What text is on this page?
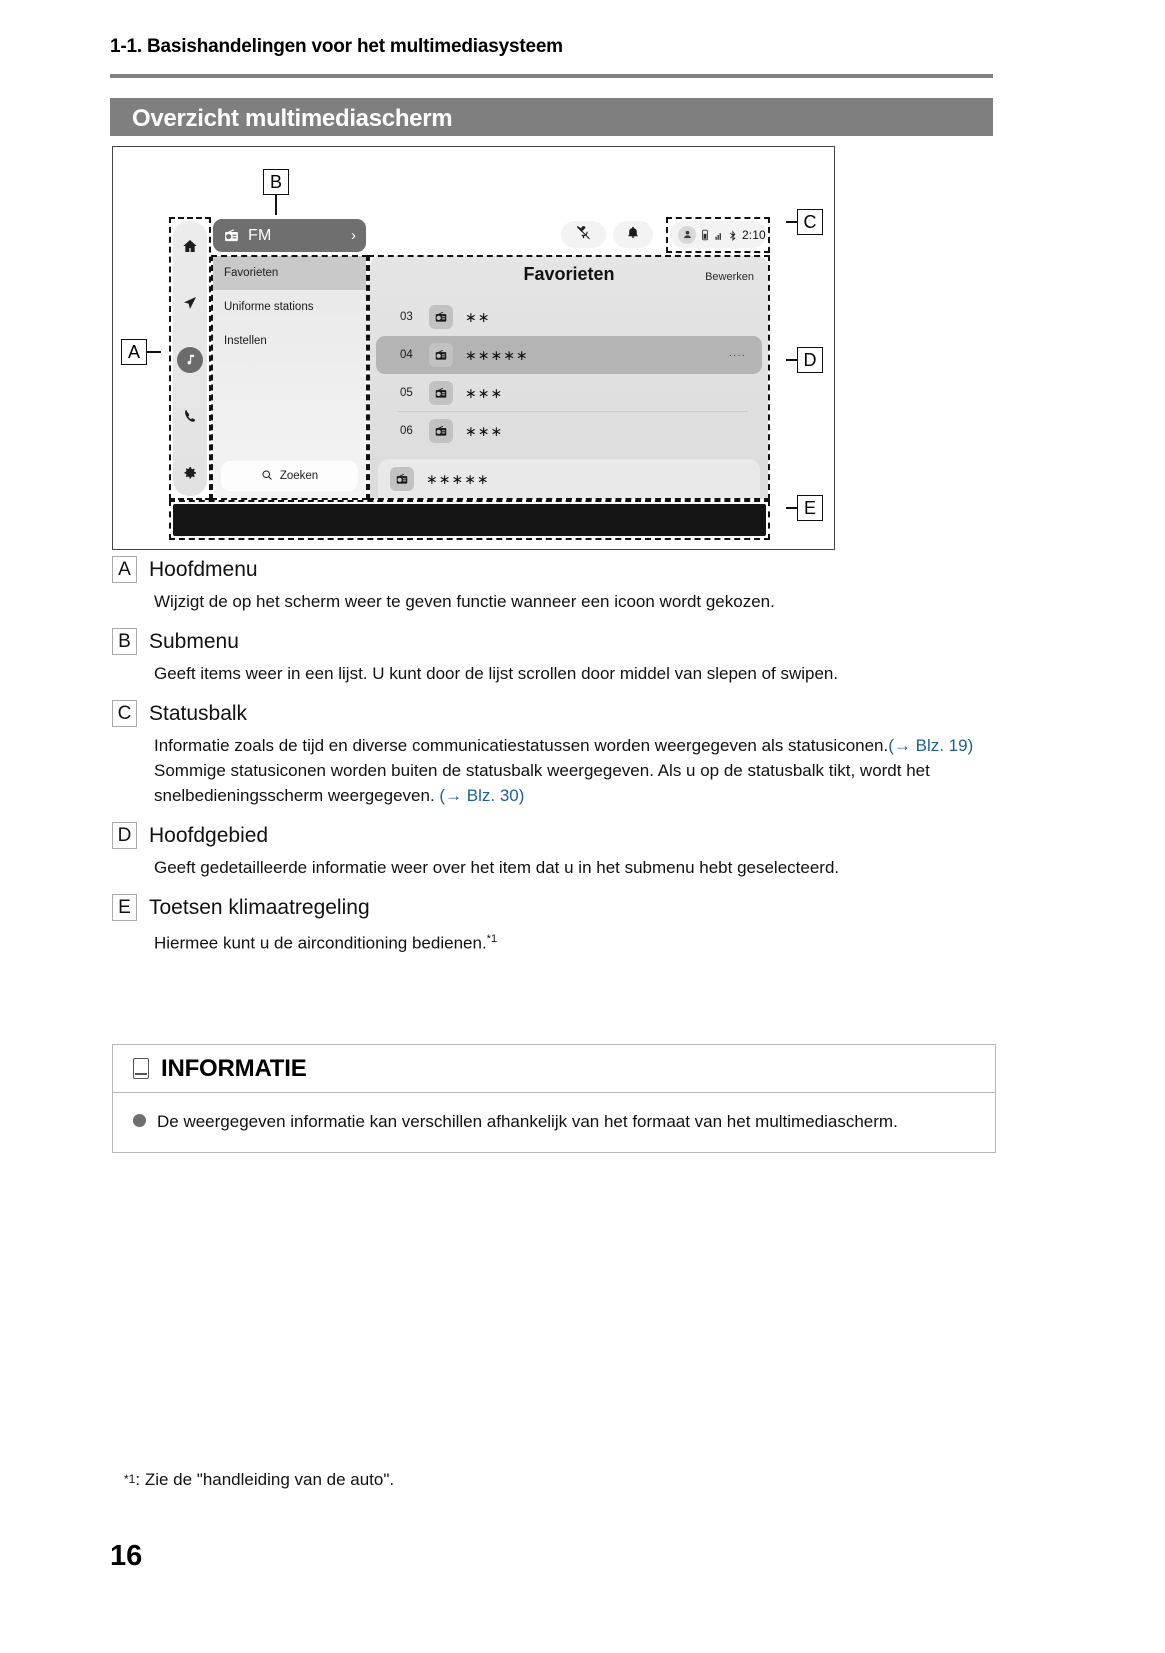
1-1. Basishandelingen voor het multimediasysteem
Overzicht multimediascherm
A
B
C
D
E
FM	›
Favorieten
Uniforme stations
Instellen
Zoeken
2:10
Favorieten	Bewerken
03	∗∗
04	∗∗∗∗∗	····
05	∗∗∗
06	∗∗∗
∗∗∗∗∗
A Hoofdmenu
Wijzigt de op het scherm weer te geven functie wanneer een icoon wordt gekozen.
B Submenu
Geeft items weer in een lijst. U kunt door de lijst scrollen door middel van slepen of swipen.
C Statusbalk
Informatie zoals de tijd en diverse communicatiestatussen worden weergegeven als statusiconen.(→ Blz. 19) Sommige statusiconen worden buiten de statusbalk weergegeven. Als u op de statusbalk tikt, wordt het snelbedieningsscherm weergegeven. (→ Blz. 30)
D Hoofdgebied
Geeft gedetailleerde informatie weer over het item dat u in het submenu hebt geselecteerd.
E Toetsen klimaatregeling
Hiermee kunt u de airconditioning bedienen.$^{*1}$
INFORMATIE
De weergegeven informatie kan verschillen afhankelijk van het formaat van het multimediascherm.
*1: Zie de "handleiding van de auto".
16
